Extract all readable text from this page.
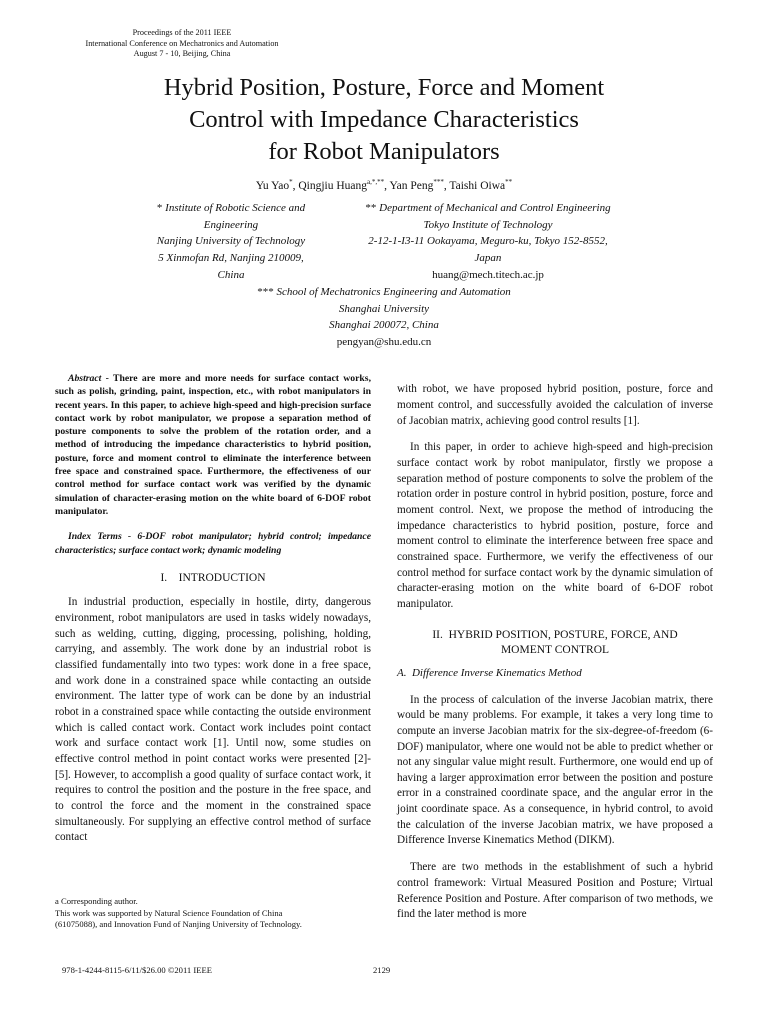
Proceedings of the 2011 IEEE
International Conference on Mechatronics and Automation
August 7 - 10, Beijing, China
Hybrid Position, Posture, Force and Moment
Control with Impedance Characteristics
for Robot Manipulators
Yu Yao*, Qingjiu Huang$^{a,*,**}$, Yan Peng***, Taishi Oiwa**
* Institute of Robotic Science and
Engineering
Nanjing University of Technology
5 Xinmofan Rd, Nanjing 210009,
China
** Department of Mechanical and Control Engineering
Tokyo Institute of Technology
2-12-1-I3-11 Ookayama, Meguro-ku, Tokyo 152-8552,
Japan
huang@mech.titech.ac.jp
*** School of Mechatronics Engineering and Automation
Shanghai University
Shanghai 200072, China
pengyan@shu.edu.cn

Abstract - There are more and more needs for surface contact works, such as polish, grinding, paint, inspection, etc., with robot manipulators in recent years. In this paper, to achieve high-speed and high-precision surface contact work by robot manipulator, we propose a separation method of posture components to solve the problem of the rotation order, and a method of introducing the impedance characteristics to hybrid position, posture, force and moment control to eliminate the interference between free space and constrained space. Furthermore, the effectiveness of our control method for surface contact work was verified by the dynamic simulation of character-erasing motion on the white board of 6-DOF robot manipulator.

Index Terms - 6-DOF robot manipulator; hybrid control; impedance characteristics; surface contact work; dynamic modeling

I. INTRODUCTION

In industrial production, especially in hostile, dirty, dangerous environment, robot manipulators are used in tasks widely nowadays, such as welding, cutting, digging, processing, polishing, holding, carrying, and assembly. The work done by an industrial robot is classified fundamentally into two types: work done in a free space, and work done in a constrained space while contacting an outside environment. The latter type of work can be done by an industrial robot in a constrained space while contacting the outside environment which is called contact work. Contact work includes point contact work and surface contact work [1]. Until now, some studies on effective control method in point contact works were presented [2]-[5]. However, to accomplish a good quality of surface contact work, it requires to control the position and the posture in the free space, and to control the force and the moment in the constrained space simultaneously. For supplying an effective control method of surface contact

a Corresponding author.
This work was supported by Natural Science Foundation of China
(61075088), and Innovation Fund of Nanjing University of Technology.

with robot, we have proposed hybrid position, posture, force and moment control, and successfully avoided the calculation of inverse of Jacobian matrix, achieving good control results [1].

In this paper, in order to achieve high-speed and high-precision surface contact work by robot manipulator, firstly we propose a separation method of posture components to solve the problem of the rotation order in posture control in hybrid position, posture, force and moment control. Next, we propose the method of introducing the impedance characteristics to hybrid position, posture, force and moment control to eliminate the interference between free space and constrained space. Furthermore, we verify the effectiveness of our control method for surface contact work by the dynamic simulation of character-erasing motion on the white board of 6-DOF robot manipulator.

II. HYBRID POSITION, POSTURE, FORCE, AND
MOMENT CONTROL
A. Difference Inverse Kinematics Method

In the process of calculation of the inverse Jacobian matrix, there would be many problems. For example, it takes a very long time to compute an inverse Jacobian matrix for the six-degree-of-freedom (6-DOF) manipulator, where one would not be able to predict whether or not any singular value might result. Furthermore, one would end up of having a larger approximation error between the position and posture error in a constrained coordinate space, and the angular error in the joint coordinate space. As a consequence, in hybrid control, to avoid the calculation of the inverse Jacobian matrix, we have proposed a Difference Inverse Kinematics Method (DIKM).

There are two methods in the establishment of such a hybrid control framework: Virtual Measured Position and Posture; Virtual Reference Position and Posture. After comparison of two methods, we find the later method is more

978-1-4244-8115-6/11/$26.00 ©2011 IEEE	2129
